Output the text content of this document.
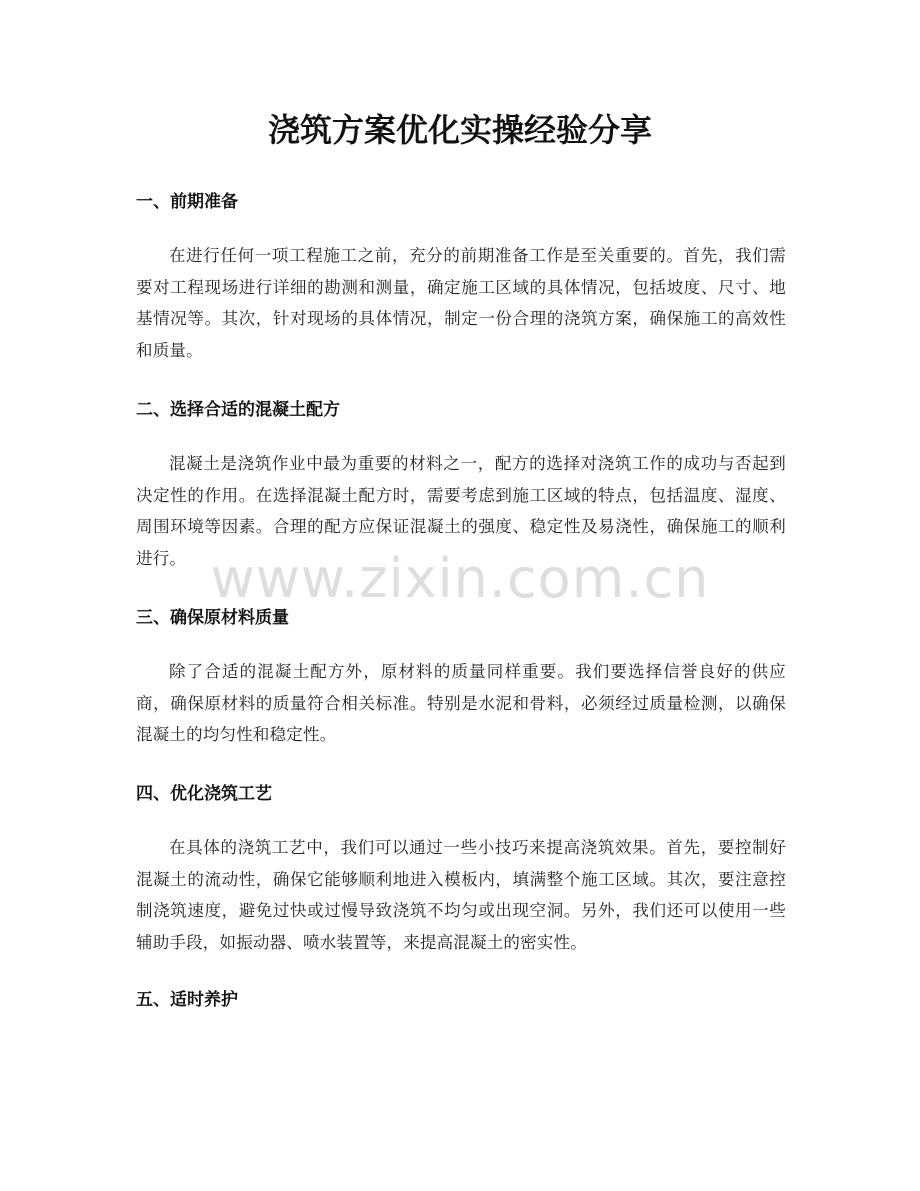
浇筑方案优化实操经验分享
一、前期准备

在进行任何一项工程施工之前，充分的前期准备工作是至关重要的。首先，我们需要对工程现场进行详细的勘测和测量，确定施工区域的具体情况，包括坡度、尺寸、地基情况等。其次，针对现场的具体情况，制定一份合理的浇筑方案，确保施工的高效性和质量。

二、选择合适的混凝土配方

混凝土是浇筑作业中最为重要的材料之一，配方的选择对浇筑工作的成功与否起到决定性的作用。在选择混凝土配方时，需要考虑到施工区域的特点，包括温度、湿度、周围环境等因素。合理的配方应保证混凝土的强度、稳定性及易浇性，确保施工的顺利进行。

三、确保原材料质量

除了合适的混凝土配方外，原材料的质量同样重要。我们要选择信誉良好的供应商，确保原材料的质量符合相关标准。特别是水泥和骨料，必须经过质量检测，以确保混凝土的均匀性和稳定性。

四、优化浇筑工艺

在具体的浇筑工艺中，我们可以通过一些小技巧来提高浇筑效果。首先，要控制好混凝土的流动性，确保它能够顺利地进入模板内，填满整个施工区域。其次，要注意控制浇筑速度，避免过快或过慢导致浇筑不均匀或出现空洞。另外，我们还可以使用一些辅助手段，如振动器、喷水装置等，来提高混凝土的密实性。

五、适时养护
www.zixin.com.cn
